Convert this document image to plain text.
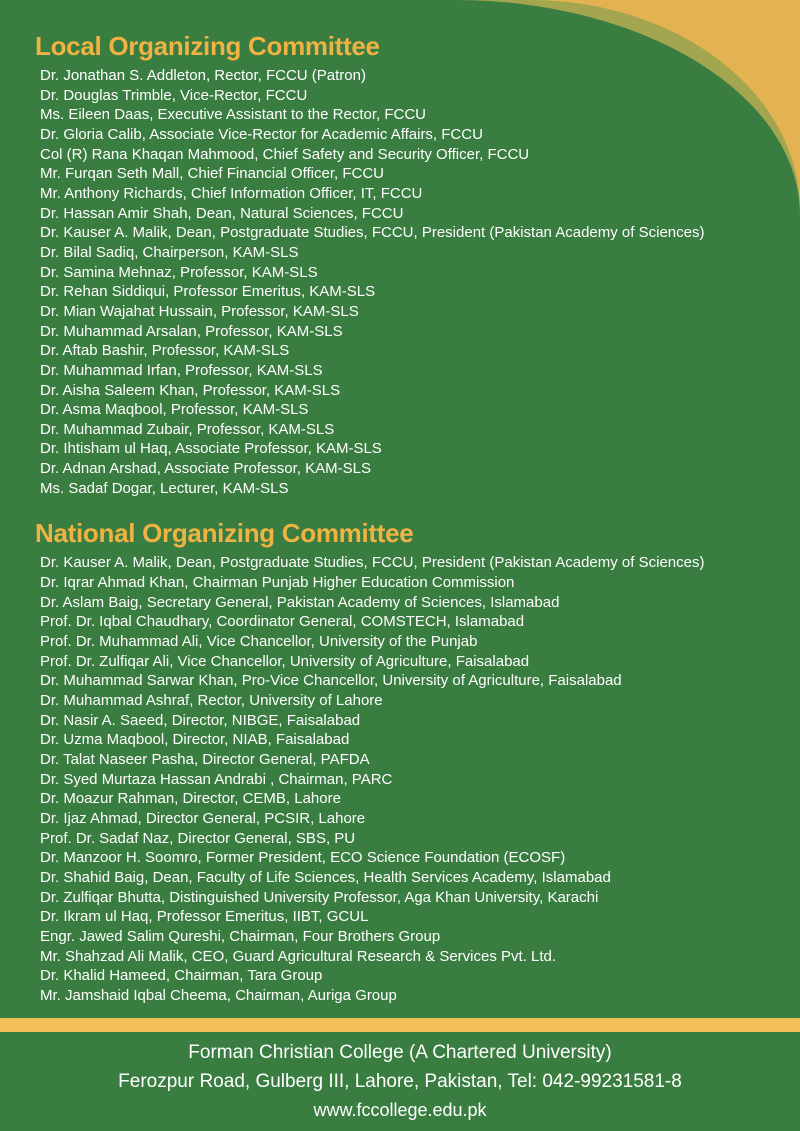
Local Organizing Committee
Dr. Jonathan S. Addleton, Rector, FCCU (Patron)
Dr. Douglas Trimble, Vice-Rector, FCCU
Ms. Eileen Daas, Executive Assistant to the Rector, FCCU
Dr. Gloria Calib, Associate Vice-Rector for Academic Affairs, FCCU
Col (R) Rana Khaqan Mahmood, Chief Safety and Security Officer, FCCU
Mr. Furqan Seth Mall, Chief Financial Officer, FCCU
Mr. Anthony Richards, Chief Information Officer, IT, FCCU
Dr. Hassan Amir Shah, Dean, Natural Sciences, FCCU
Dr. Kauser A. Malik, Dean, Postgraduate Studies, FCCU, President (Pakistan Academy of Sciences)
Dr. Bilal Sadiq, Chairperson, KAM-SLS
Dr. Samina Mehnaz, Professor, KAM-SLS
Dr. Rehan Siddiqui, Professor Emeritus, KAM-SLS
Dr. Mian Wajahat Hussain, Professor, KAM-SLS
Dr. Muhammad Arsalan, Professor, KAM-SLS
Dr. Aftab Bashir, Professor, KAM-SLS
Dr. Muhammad Irfan, Professor, KAM-SLS
Dr. Aisha Saleem Khan, Professor, KAM-SLS
Dr. Asma Maqbool, Professor, KAM-SLS
Dr. Muhammad Zubair, Professor, KAM-SLS
Dr. Ihtisham ul Haq, Associate Professor, KAM-SLS
Dr. Adnan Arshad, Associate Professor, KAM-SLS
Ms. Sadaf Dogar, Lecturer, KAM-SLS
National Organizing Committee
Dr. Kauser A. Malik, Dean, Postgraduate Studies, FCCU, President (Pakistan Academy of Sciences)
Dr. Iqrar Ahmad Khan, Chairman Punjab Higher Education Commission
Dr. Aslam Baig, Secretary General, Pakistan Academy of Sciences, Islamabad
Prof. Dr. Iqbal Chaudhary, Coordinator General, COMSTECH, Islamabad
Prof. Dr. Muhammad Ali, Vice Chancellor, University of the Punjab
Prof. Dr. Zulfiqar Ali, Vice Chancellor, University of Agriculture, Faisalabad
Dr. Muhammad Sarwar Khan, Pro-Vice Chancellor, University of Agriculture, Faisalabad
Dr. Muhammad Ashraf, Rector, University of Lahore
Dr. Nasir A. Saeed, Director, NIBGE, Faisalabad
Dr. Uzma Maqbool, Director, NIAB, Faisalabad
Dr. Talat Naseer Pasha, Director General, PAFDA
Dr. Syed Murtaza Hassan Andrabi , Chairman, PARC
Dr. Moazur Rahman, Director, CEMB, Lahore
Dr. Ijaz Ahmad, Director General, PCSIR, Lahore
Prof. Dr. Sadaf Naz, Director General, SBS, PU
Dr. Manzoor H. Soomro, Former President, ECO Science Foundation (ECOSF)
Dr. Shahid Baig, Dean, Faculty of Life Sciences, Health Services Academy, Islamabad
Dr. Zulfiqar Bhutta, Distinguished University Professor, Aga Khan University, Karachi
Dr. Ikram ul Haq, Professor Emeritus, IIBT, GCUL
Engr. Jawed Salim Qureshi, Chairman, Four Brothers Group
Mr. Shahzad Ali Malik, CEO, Guard Agricultural Research & Services Pvt. Ltd.
Dr. Khalid Hameed, Chairman, Tara Group
Mr. Jamshaid Iqbal Cheema, Chairman, Auriga Group
Forman Christian College (A Chartered University)
Ferozpur Road, Gulberg III, Lahore, Pakistan, Tel: 042-99231581-8
www.fccollege.edu.pk
